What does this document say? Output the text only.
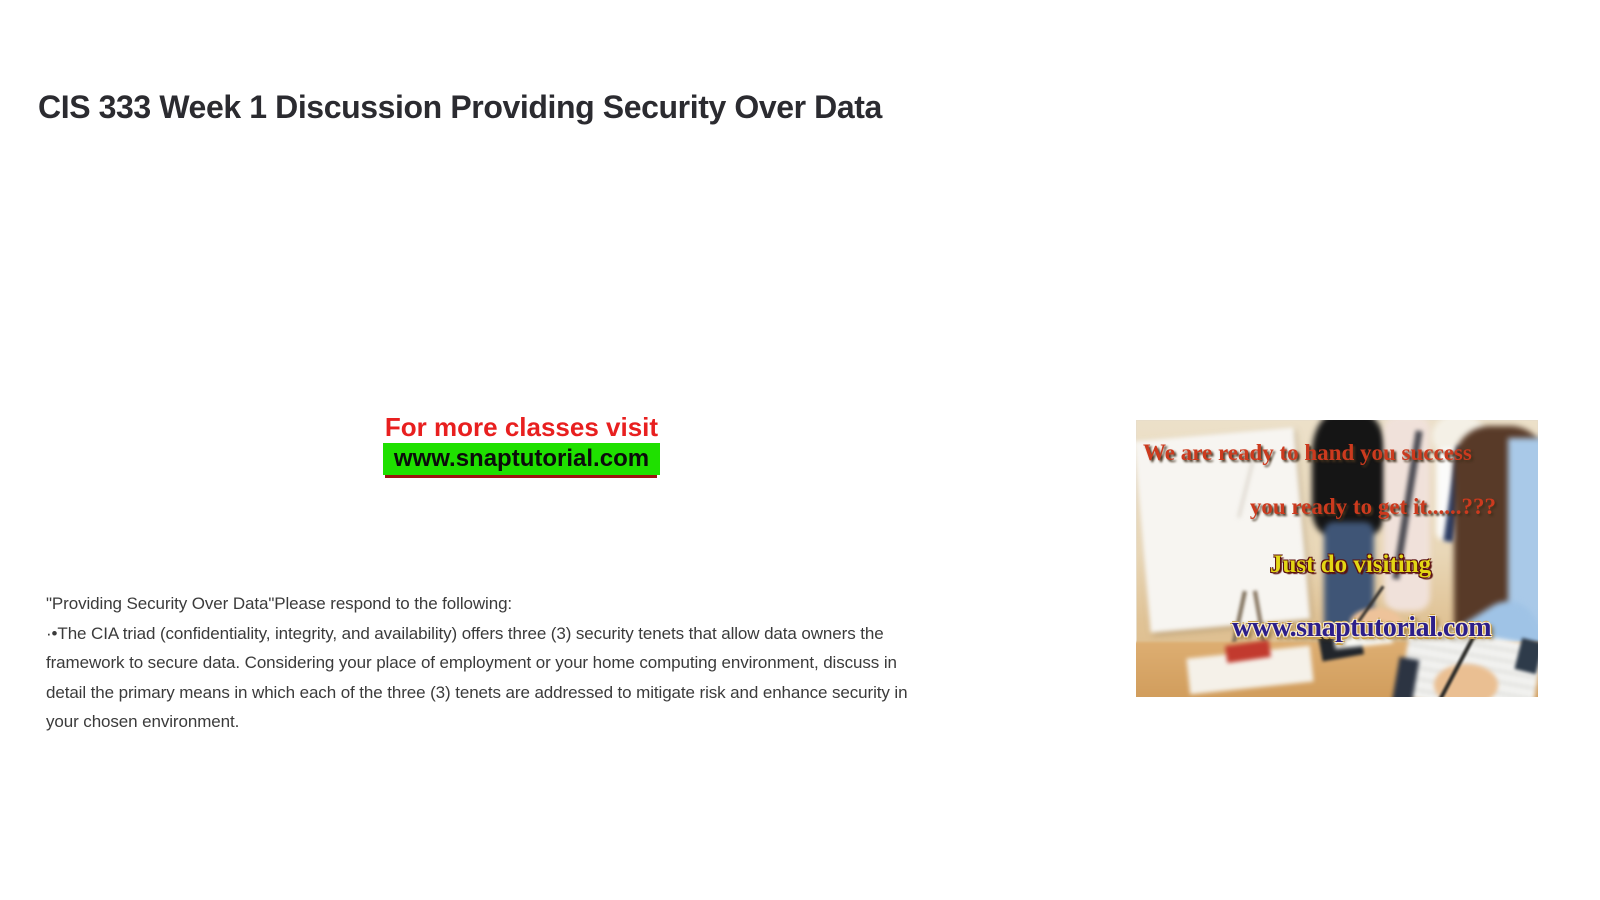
CIS 333 Week 1 Discussion Providing Security Over Data
For more classes visit
www.snaptutorial.com
"Providing Security Over Data"Please respond to the following:
·•The CIA triad (confidentiality, integrity, and availability) offers three (3) security tenets that allow data owners the
framework to secure data. Considering your place of employment or your home computing environment, discuss in
detail the primary means in which each of the three (3) tenets are addressed to mitigate risk and enhance security in
your chosen environment.
We are ready to hand you success
you ready to get it......???
Just do visiting
www.snaptutorial.com
